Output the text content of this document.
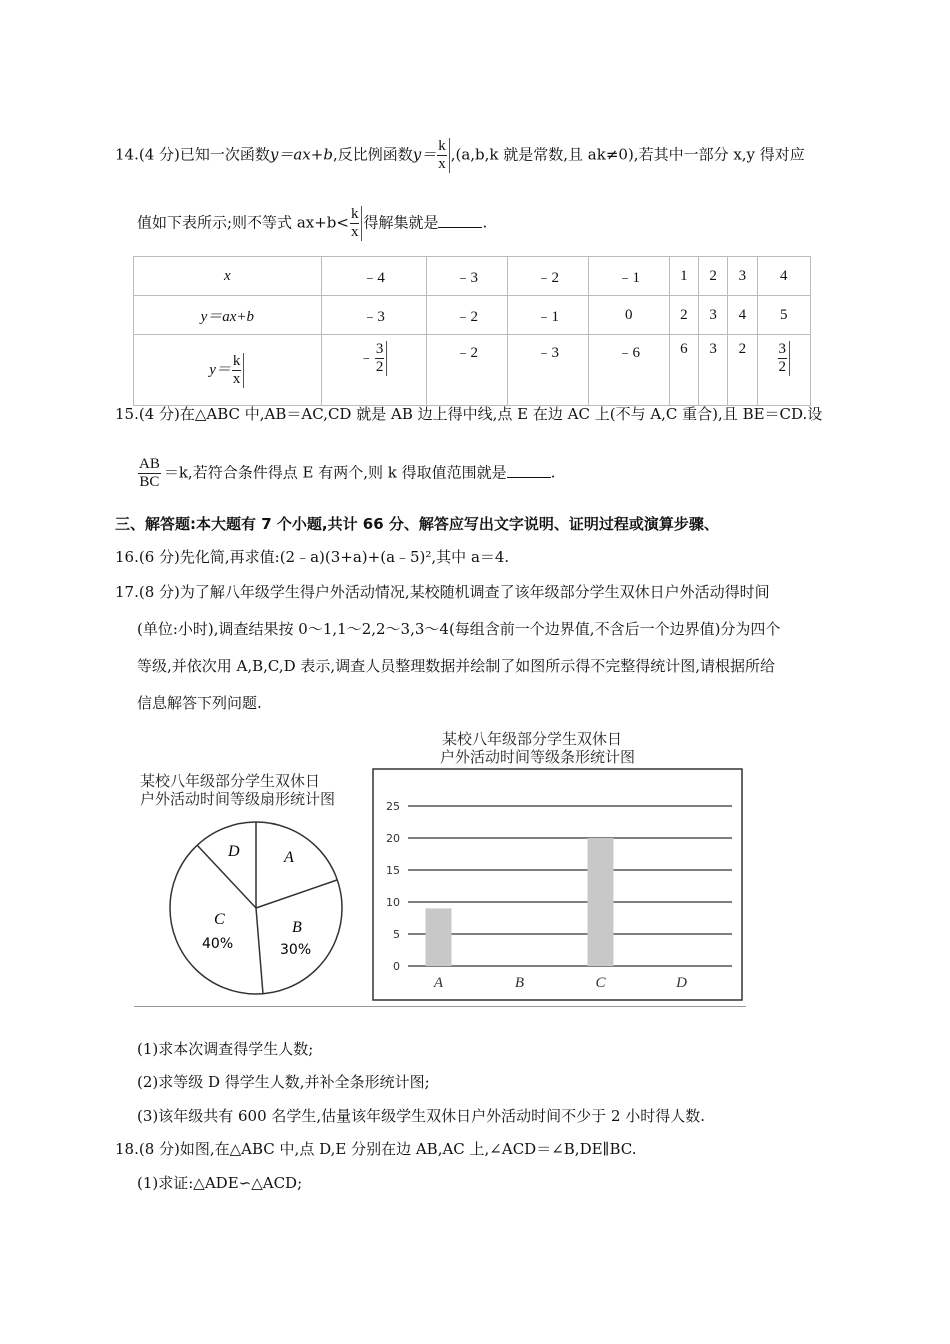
14.(4 分)已知一次函数y＝ax+b,反比例函数$y= \frac{k}{x} ,(a,b,k$ 就是常数,且 ak≠0),若其中一部分 x,y 得对应
值如下表所示;则不等式 $ax+b< \frac{k}{x}$ 得解集就是	.
x	﹣4	﹣3	﹣2	﹣1	1	2	3	4
y＝ax+b	﹣3	﹣2	﹣1	0	2	3	4	5
$y= \frac{k}{x}$	﹣ $\frac{3}{2}$	﹣2	﹣3	﹣6	6	3	2	$\frac{3}{2}$
15.(4 分)在△ABC 中,AB＝AC,CD 就是 AB 边上得中线,点 E 在边 AC 上(不与 A,C 重合),且 BE＝CD.设
$\frac{AB}{BC} =k$,若符合条件得点 E 有两个,则 k 得取值范围就是	.
三、解答题:本大题有 7 个小题,共计 66 分、解答应写出文字说明、证明过程或演算步骤、
16.(6 分)先化简,再求值:(2﹣a)(3+a)+(a﹣5)²,其中 a＝4.
17.(8 分)为了解八年级学生得户外活动情况,某校随机调查了该年级部分学生双休日户外活动得时间
(单位:小时),调查结果按 0～1,1～2,2～3,3～4(每组含前一个边界值,不含后一个边界值)分为四个
等级,并依次用 A,B,C,D 表示,调查人员整理数据并绘制了如图所示得不完整得统计图,请根据所给
信息解答下列问题.
某校八年级部分学生双休日
户外活动时间等级扇形统计图
A
B
30%
C
40%
D
某校八年级部分学生双休日
户外活动时间等级条形统计图
0
5
10
15
20
25
A	B	C	D
(1)求本次调查得学生人数;
(2)求等级 D 得学生人数,并补全条形统计图;
(3)该年级共有 600 名学生,估量该年级学生双休日户外活动时间不少于 2 小时得人数.
18.(8 分)如图,在△ABC 中,点 D,E 分别在边 AB,AC 上,∠ACD＝∠B,DE∥BC.
(1)求证:△ADE∽△ACD;
